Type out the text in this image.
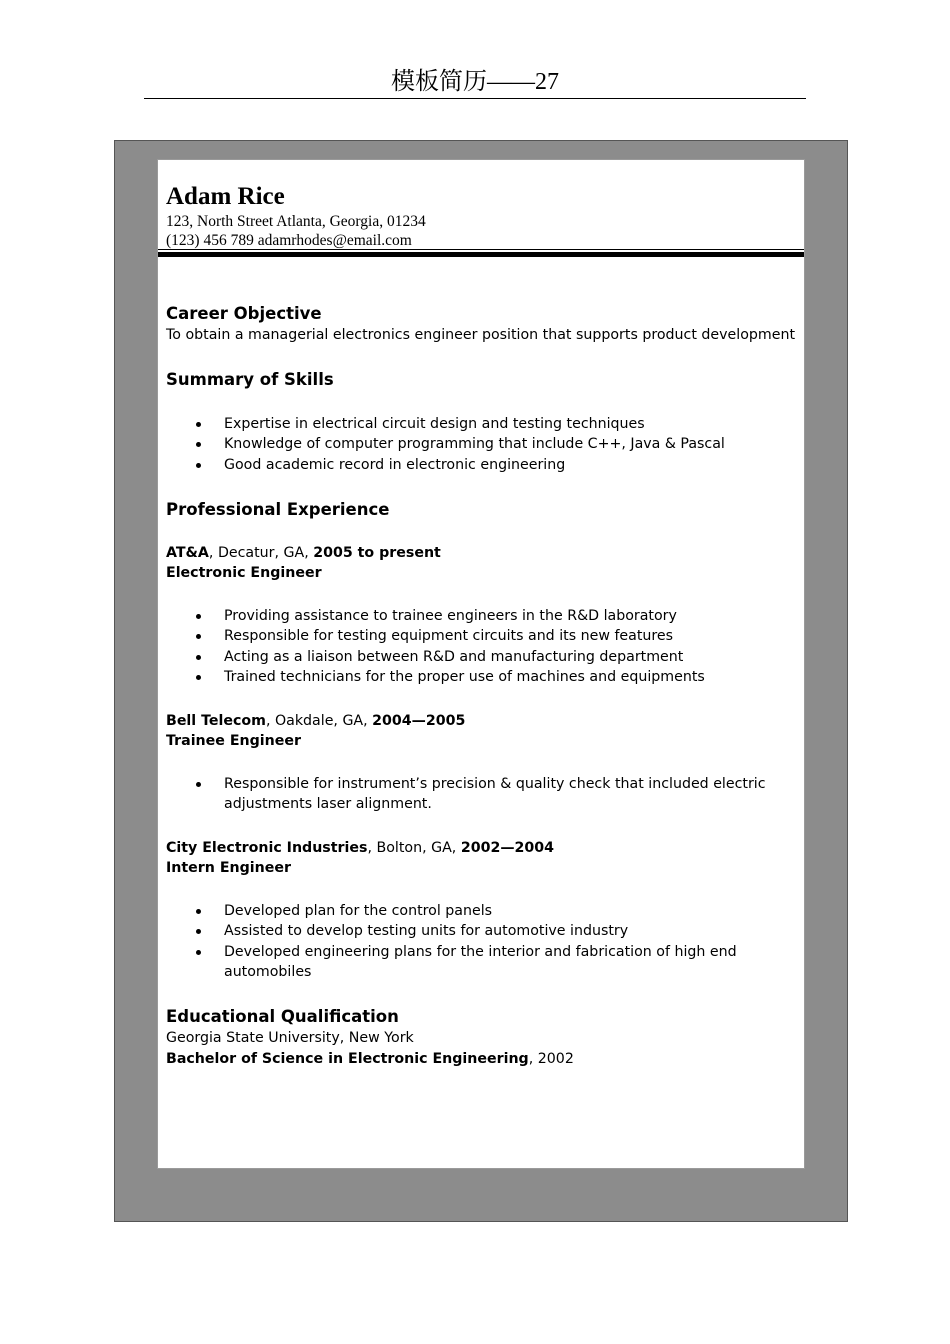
模板简历——27
Adam Rice
123, North Street Atlanta, Georgia, 01234
(123) 456 789 adamrhodes@email.com
Career Objective
To obtain a managerial electronics engineer position that supports product development
Summary of Skills
Expertise in electrical circuit design and testing techniques
Knowledge of computer programming that include C++, Java & Pascal
Good academic record in electronic engineering
Professional Experience
AT&A, Decatur, GA, 2005 to present
Electronic Engineer
Providing assistance to trainee engineers in the R&D laboratory
Responsible for testing equipment circuits and its new features
Acting as a liaison between R&D and manufacturing department
Trained technicians for the proper use of machines and equipments
Bell Telecom, Oakdale, GA, 2004—2005
Trainee Engineer
Responsible for instrument’s precision & quality check that included electric adjustments laser alignment.
City Electronic Industries, Bolton, GA, 2002—2004
Intern Engineer
Developed plan for the control panels
Assisted to develop testing units for automotive industry
Developed engineering plans for the interior and fabrication of high end automobiles
Educational Qualification
Georgia State University, New York
Bachelor of Science in Electronic Engineering, 2002
